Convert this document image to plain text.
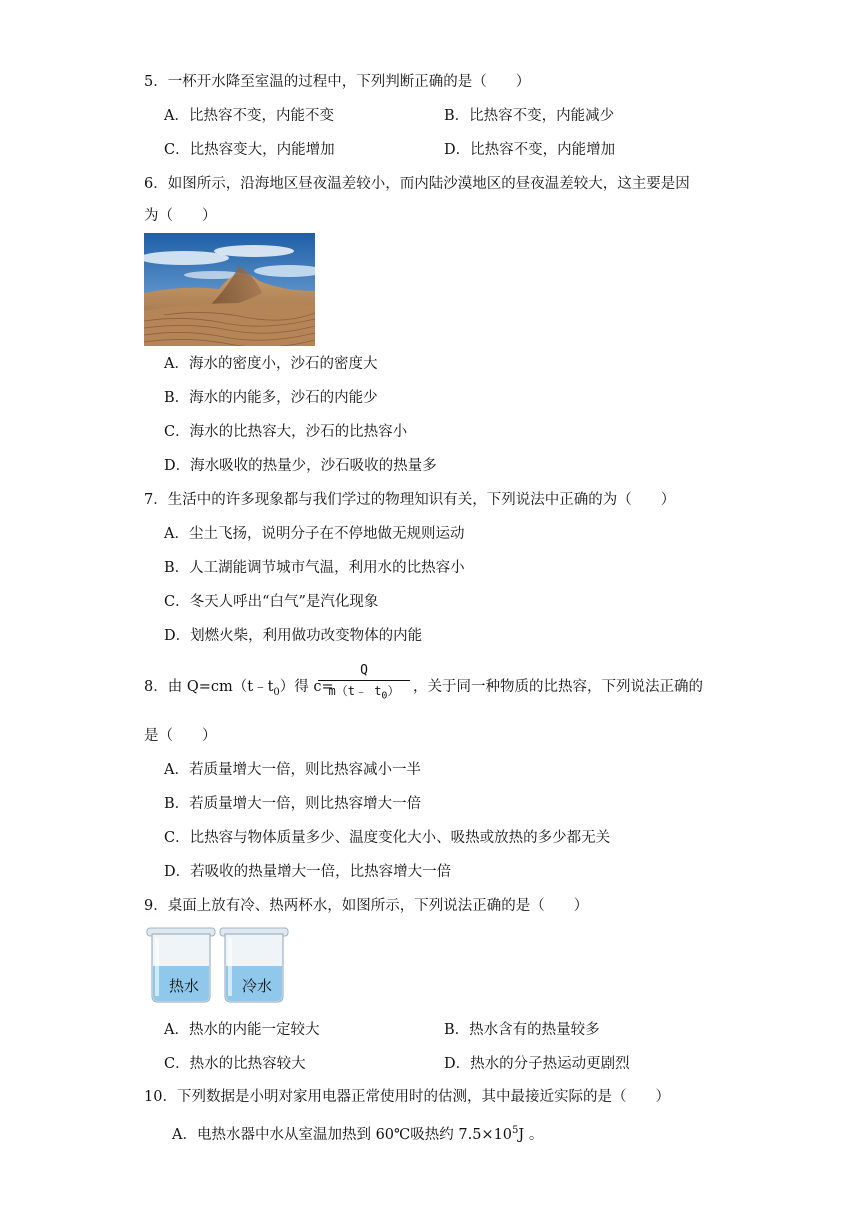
5．一杯开水降至室温的过程中，下列判断正确的是（　　）
A．比热容不变，内能不变	B．比热容不变，内能减少
C．比热容变大，内能增加	D．比热容不变，内能增加
6．如图所示，沿海地区昼夜温差较小，而内陆沙漠地区的昼夜温差较大，这主要是因
为（　　）
A．海水的密度小，沙石的密度大
B．海水的内能多，沙石的内能少
C．海水的比热容大，沙石的比热容小
D．海水吸收的热量少，沙石吸收的热量多
7．生活中的许多现象都与我们学过的物理知识有关，下列说法中正确的为（　　）
A．尘土飞扬，说明分子在不停地做无规则运动
B．人工湖能调节城市气温，利用水的比热容小
C．冬天人呼出“白气”是汽化现象
D．划燃火柴，利用做功改变物体的内能
8．由 $Q=cm(t﹣t_0)$得 c=
Q
m（t﹣ $t_0$） ，关于同一种物质的比热容，下列说法正确的
是（　　）
A．若质量增大一倍，则比热容减小一半
B．若质量增大一倍，则比热容增大一倍
C．比热容与物体质量多少、温度变化大小、吸热或放热的多少都无关
D．若吸收的热量增大一倍，比热容增大一倍
9．桌面上放有冷、热两杯水，如图所示，下列说法正确的是（　　）
热水	冷水
A．热水的内能一定较大	B．热水含有的热量较多
C．热水的比热容较大	D．热水的分子热运动更剧烈
10．下列数据是小明对家用电器正常使用时的估测，其中最接近实际的是（　　）
A．电热水器中水从室温加热到 60℃吸热约 $7.5\times 10^5J$ 。
